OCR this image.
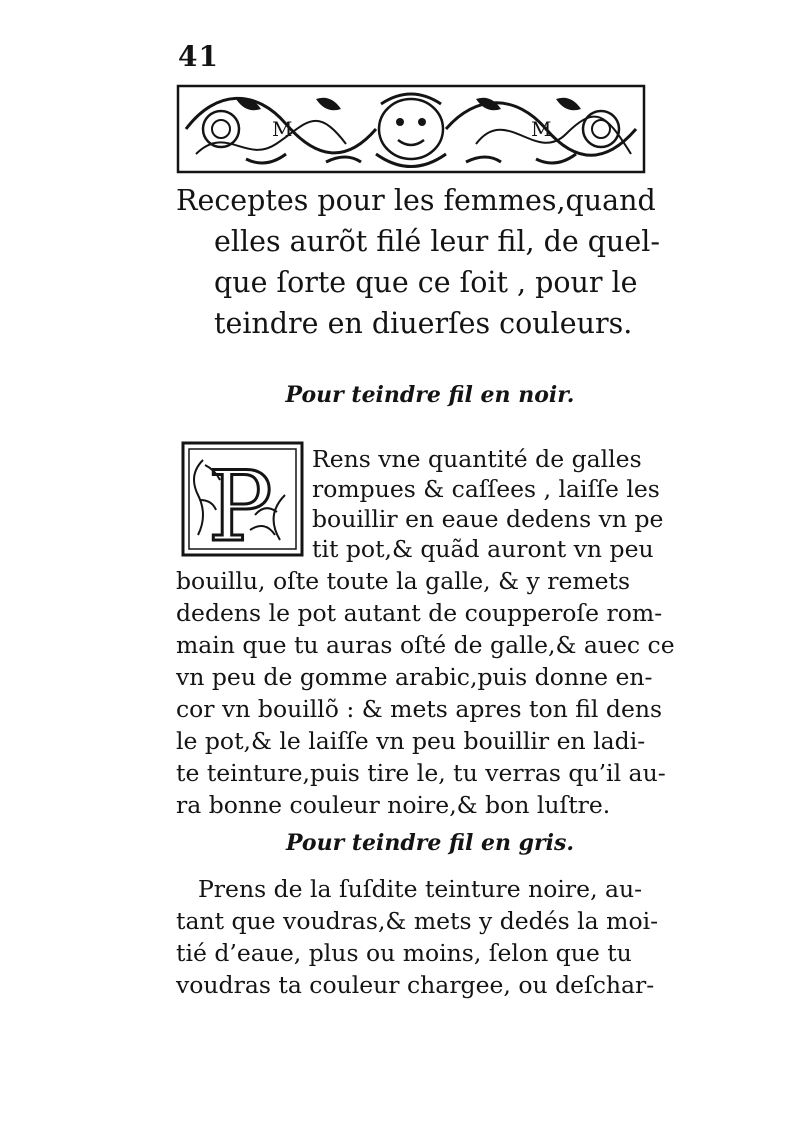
41
M	M
Receptes pour les femmes,quand
elles aurõt filé leur fil, de quel-
que ſorte que ce ſoit , pour le
teindre en diuerſes couleurs.
Pour teindre fil en noir.
P Rens vne quantité de galles
rompues & caſſees , laiſſe les
bouillir en eaue dedens vn pe
tit pot,& quãd auront vn peu
bouillu, oſte toute la galle, & y remets
dedens le pot autant de coupperoſe rom-
main que tu auras oſté de galle,& auec ce
vn peu de gomme arabic,puis donne en-
cor vn bouillõ : & mets apres ton fil dens
le pot,& le laiſſe vn peu bouillir en ladi-
te teinture,puis tire le, tu verras qu’il au-
ra bonne couleur noire,& bon luſtre.
Pour teindre fil en gris.
Prens de la ſuſdite teinture noire, au-
tant que voudras,& mets y dedés la moi-
tié d’eaue, plus ou moins, ſelon que tu
voudras ta couleur chargee, ou deſchar-
